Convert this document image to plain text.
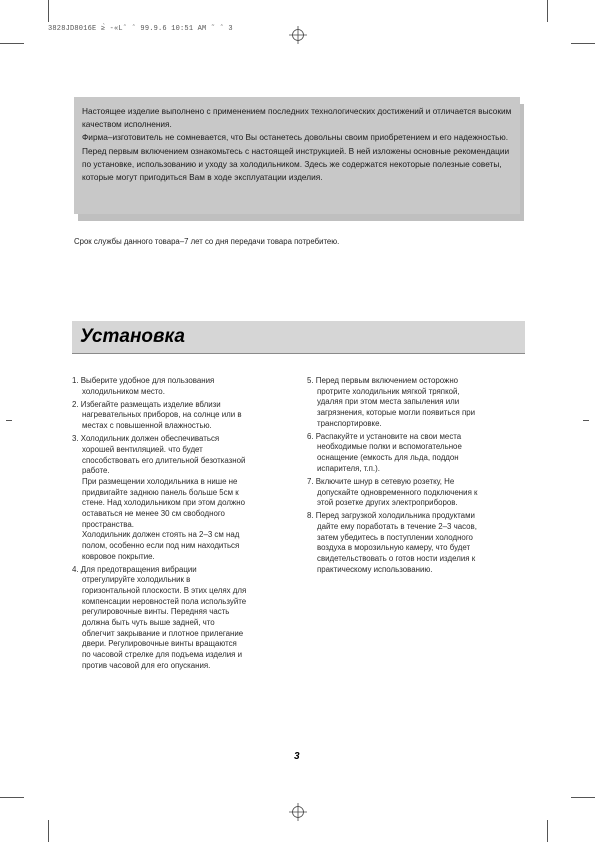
3828JD8016E ≥̀ -«Lˆ ˆ 99.9.6 10:51 AM ˜ ˆ 3

Настоящее изделие выполнено с применением последних технологических достижений и отличается высоким качеством исполнения.

Фирма–изготовитель не сомневается, что Вы останетесь довольны своим приобретением и его надежностью.

Перед первым включением ознакомьтесь с настоящей инструкцией. В ней изложены основные рекомендации по установке, использованию и уходу за холодильником. Здесь же содержатся некоторые полезные советы, которые могут пригодиться Вам в ходе эксплуатации изделия.

Срок службы данного товара–7 лет со дня передачи товара потребитею.
Установка
1. Выберите удобное для пользования
холодильником место.
2. Избегайте размещать изделие вблизи
нагревательных приборов, на солнце или в
местах с повышенной влажностью.
3. Холодильник должен обеспечиваться
хорошей вентиляцией. что будет
способствовать его длительной безотказной
работе.
При размещении холодильника в нише не
придвигайте заднюю панель больше 5см к
стене. Над холодильником при этом должно
оставаться не менее 30 см свободного
пространства.
Холодильник должен стоять на 2–3 см над
полом, особенно если под ним находиться
ковровое покрытие.
4. Для предотвращения вибрации
отрегулируйте холодильник в
горизонтальной плоскости. В этих целях для
компенсации неровностей пола используйте
регулировочные винты. Передняя часть
должна быть чуть выше задней, что
облегчит закрывание и плотное прилегание
двери. Регулировочные винты вращаются
по часовой стрелке для подъема изделия и
против часовой для его опускания.
5. Перед первым включением осторожно
протрите холодильник мягкой тряпкой,
удаляя при этом места запыления или
загрязнения, которые могли появиться при
транспортировке.
6. Распакуйте и установите на свои места
необходимые полки и вспомогательное
оснащение (емкость для льда, поддон
испарителя, т.п.).
7. Включите шнур в сетевую розетку, Не
допускайте одновременного подключения к
этой розетке других электроприборов.
8. Перед загрузкой холодильника продуктами
дайте ему поработать в течение 2–3 часов,
затем убедитесь в поступлении холодного
воздуха в морозильную камеру, что будет
свидетельствовать о готов ности изделия к
практическому использованию.
3
